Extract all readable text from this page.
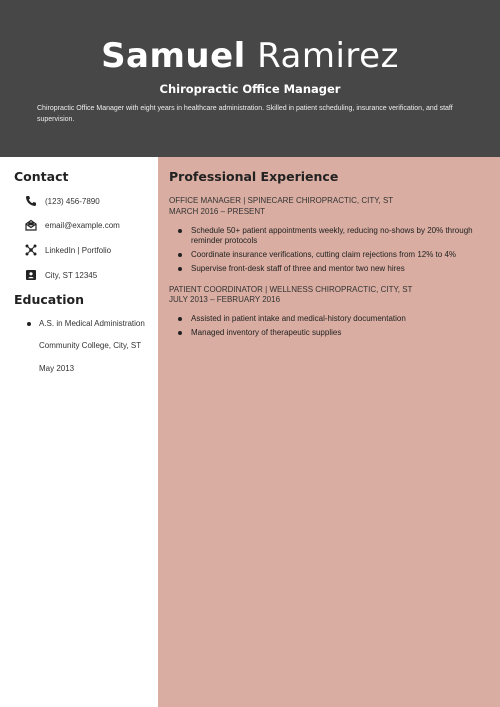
Samuel Ramirez
Chiropractic Office Manager
Chiropractic Office Manager with eight years in healthcare administration. Skilled in patient scheduling, insurance verification, and staff supervision.
Contact
(123) 456-7890
email@example.com
LinkedIn | Portfolio
City, ST 12345
Education
A.S. in Medical Administration
Community College, City, ST
May 2013
Professional Experience
OFFICE MANAGER | SPINECARE CHIROPRACTIC, CITY, ST
MARCH 2016 – PRESENT
Schedule 50+ patient appointments weekly, reducing no-shows by 20% through reminder protocols
Coordinate insurance verifications, cutting claim rejections from 12% to 4%
Supervise front-desk staff of three and mentor two new hires
PATIENT COORDINATOR | WELLNESS CHIROPRACTIC, CITY, ST
JULY 2013 – FEBRUARY 2016
Assisted in patient intake and medical-history documentation
Managed inventory of therapeutic supplies
